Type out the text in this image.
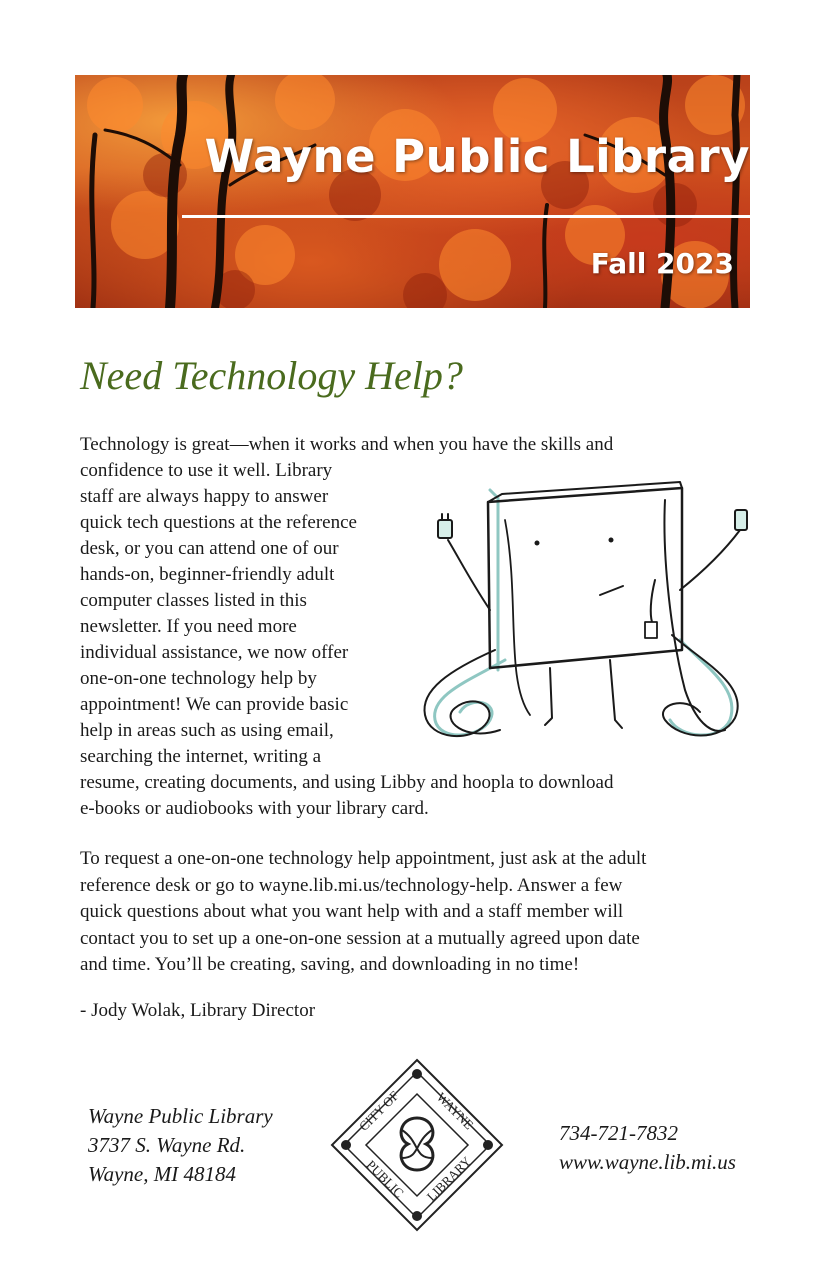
Wayne Public Library
Fall 2023
Need Technology Help?
Technology is great—when it works and when you have the skills and
confidence to use it well. Library
staff are always happy to answer
quick tech questions at the reference
desk, or you can attend one of our
hands-on, beginner-friendly adult
computer classes listed in this
newsletter. If you need more
individual assistance, we now offer
one-on-one technology help by
appointment! We can provide basic
help in areas such as using email,
searching the internet, writing a
resume, creating documents, and using Libby and hoopla to download
e-books or audiobooks with your library card.
To request a one-on-one technology help appointment, just ask at the adult
reference desk or go to wayne.lib.mi.us/technology-help. Answer a few
quick questions about what you want help with and a staff member will
contact you to set up a one-on-one session at a mutually agreed upon date
and time. You’ll be creating, saving, and downloading in no time!
- Jody Wolak, Library Director
Wayne Public Library
3737 S. Wayne Rd.
Wayne, MI 48184
CITY OF WAYNE
PUBLIC LIBRARY
734-721-7832
www.wayne.lib.mi.us
